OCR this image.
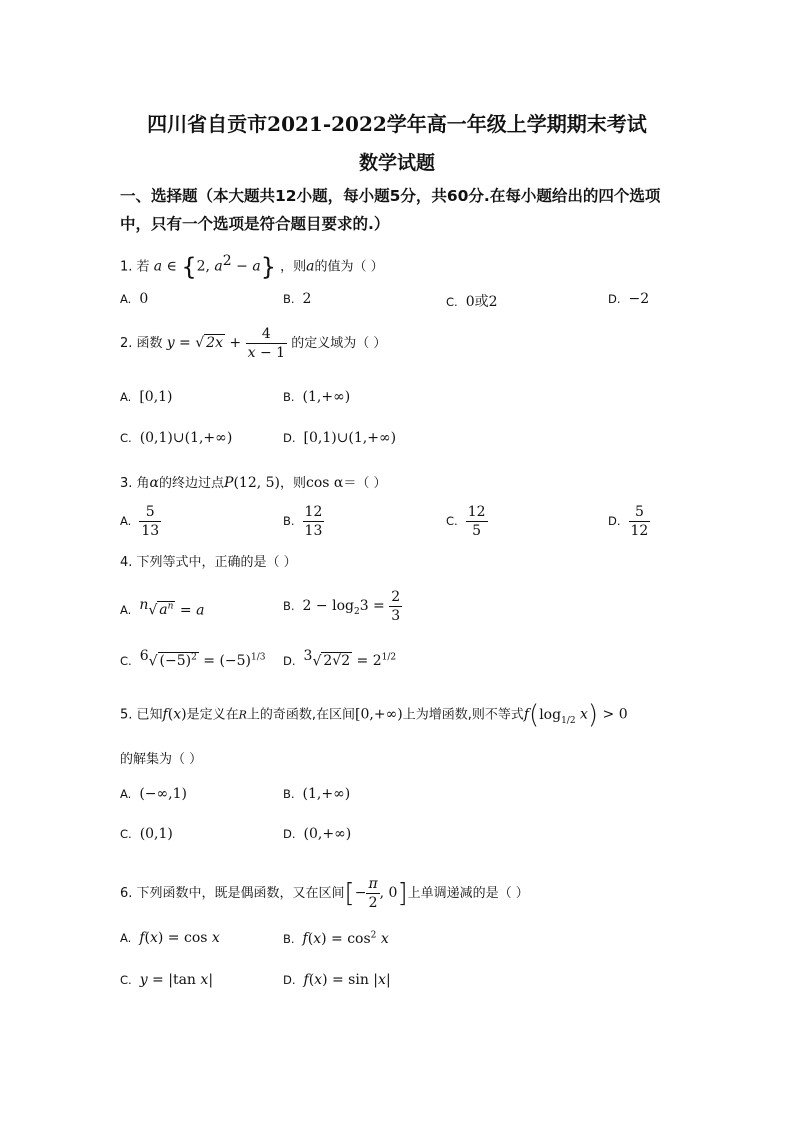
四川省自贡市2021-2022学年高一年级上学期期末考试
数学试题
一、选择题（本大题共12小题，每小题5分，共60分.在每小题给出的四个选项中，只有一个选项是符合题目要求的.）
1. 若 a ∈ {2, $a^2 - a$} ，则a的值为（ ）
A. 0	B. 2	C. 0或2	D. −2
2. 函数 y = √ $2x + \frac{4}{x - 1}$ 的定义域为（ ）
A. [0,1)	B. (1,+∞)
C. (0,1)∪(1,+∞)	D. [0,1)∪(1,+∞)
3. 角α的终边过点P(12, 5)，则cos α＝（ ）
A. $\frac{5}{13}$	B. $\frac{12}{13}$	C. $\frac{12}{5}$	D. $\frac{5}{12}$
4. 下列等式中，正确的是（ ）
A. $^n$√ $a^n = a$	B. $2 - \log_23 = \frac{2}{3}$
C. $^6$√ $(-5)^2 = (-5)^{1/3}$ D. $^3$√ $2√2 = 2^{1/2}$
5. 已知f(x)是定义在R上的奇函数,在区间[0,+∞)上为增函数,则不等式$f(\log_{1/2}$ x) > 0
的解集为（ ）
A. (−∞,1)	B. (1,+∞)
C. (0,1)	D. (0,+∞)
6. 下列函数中，既是偶函数，又在区间[− $\frac{\pi}{2}$ , 0]上单调递减的是（ ）
A. f(x) = cos x	B. $f(x) = \cos^2 x$
C. y = |tan x|	D. f(x) = sin |x|
